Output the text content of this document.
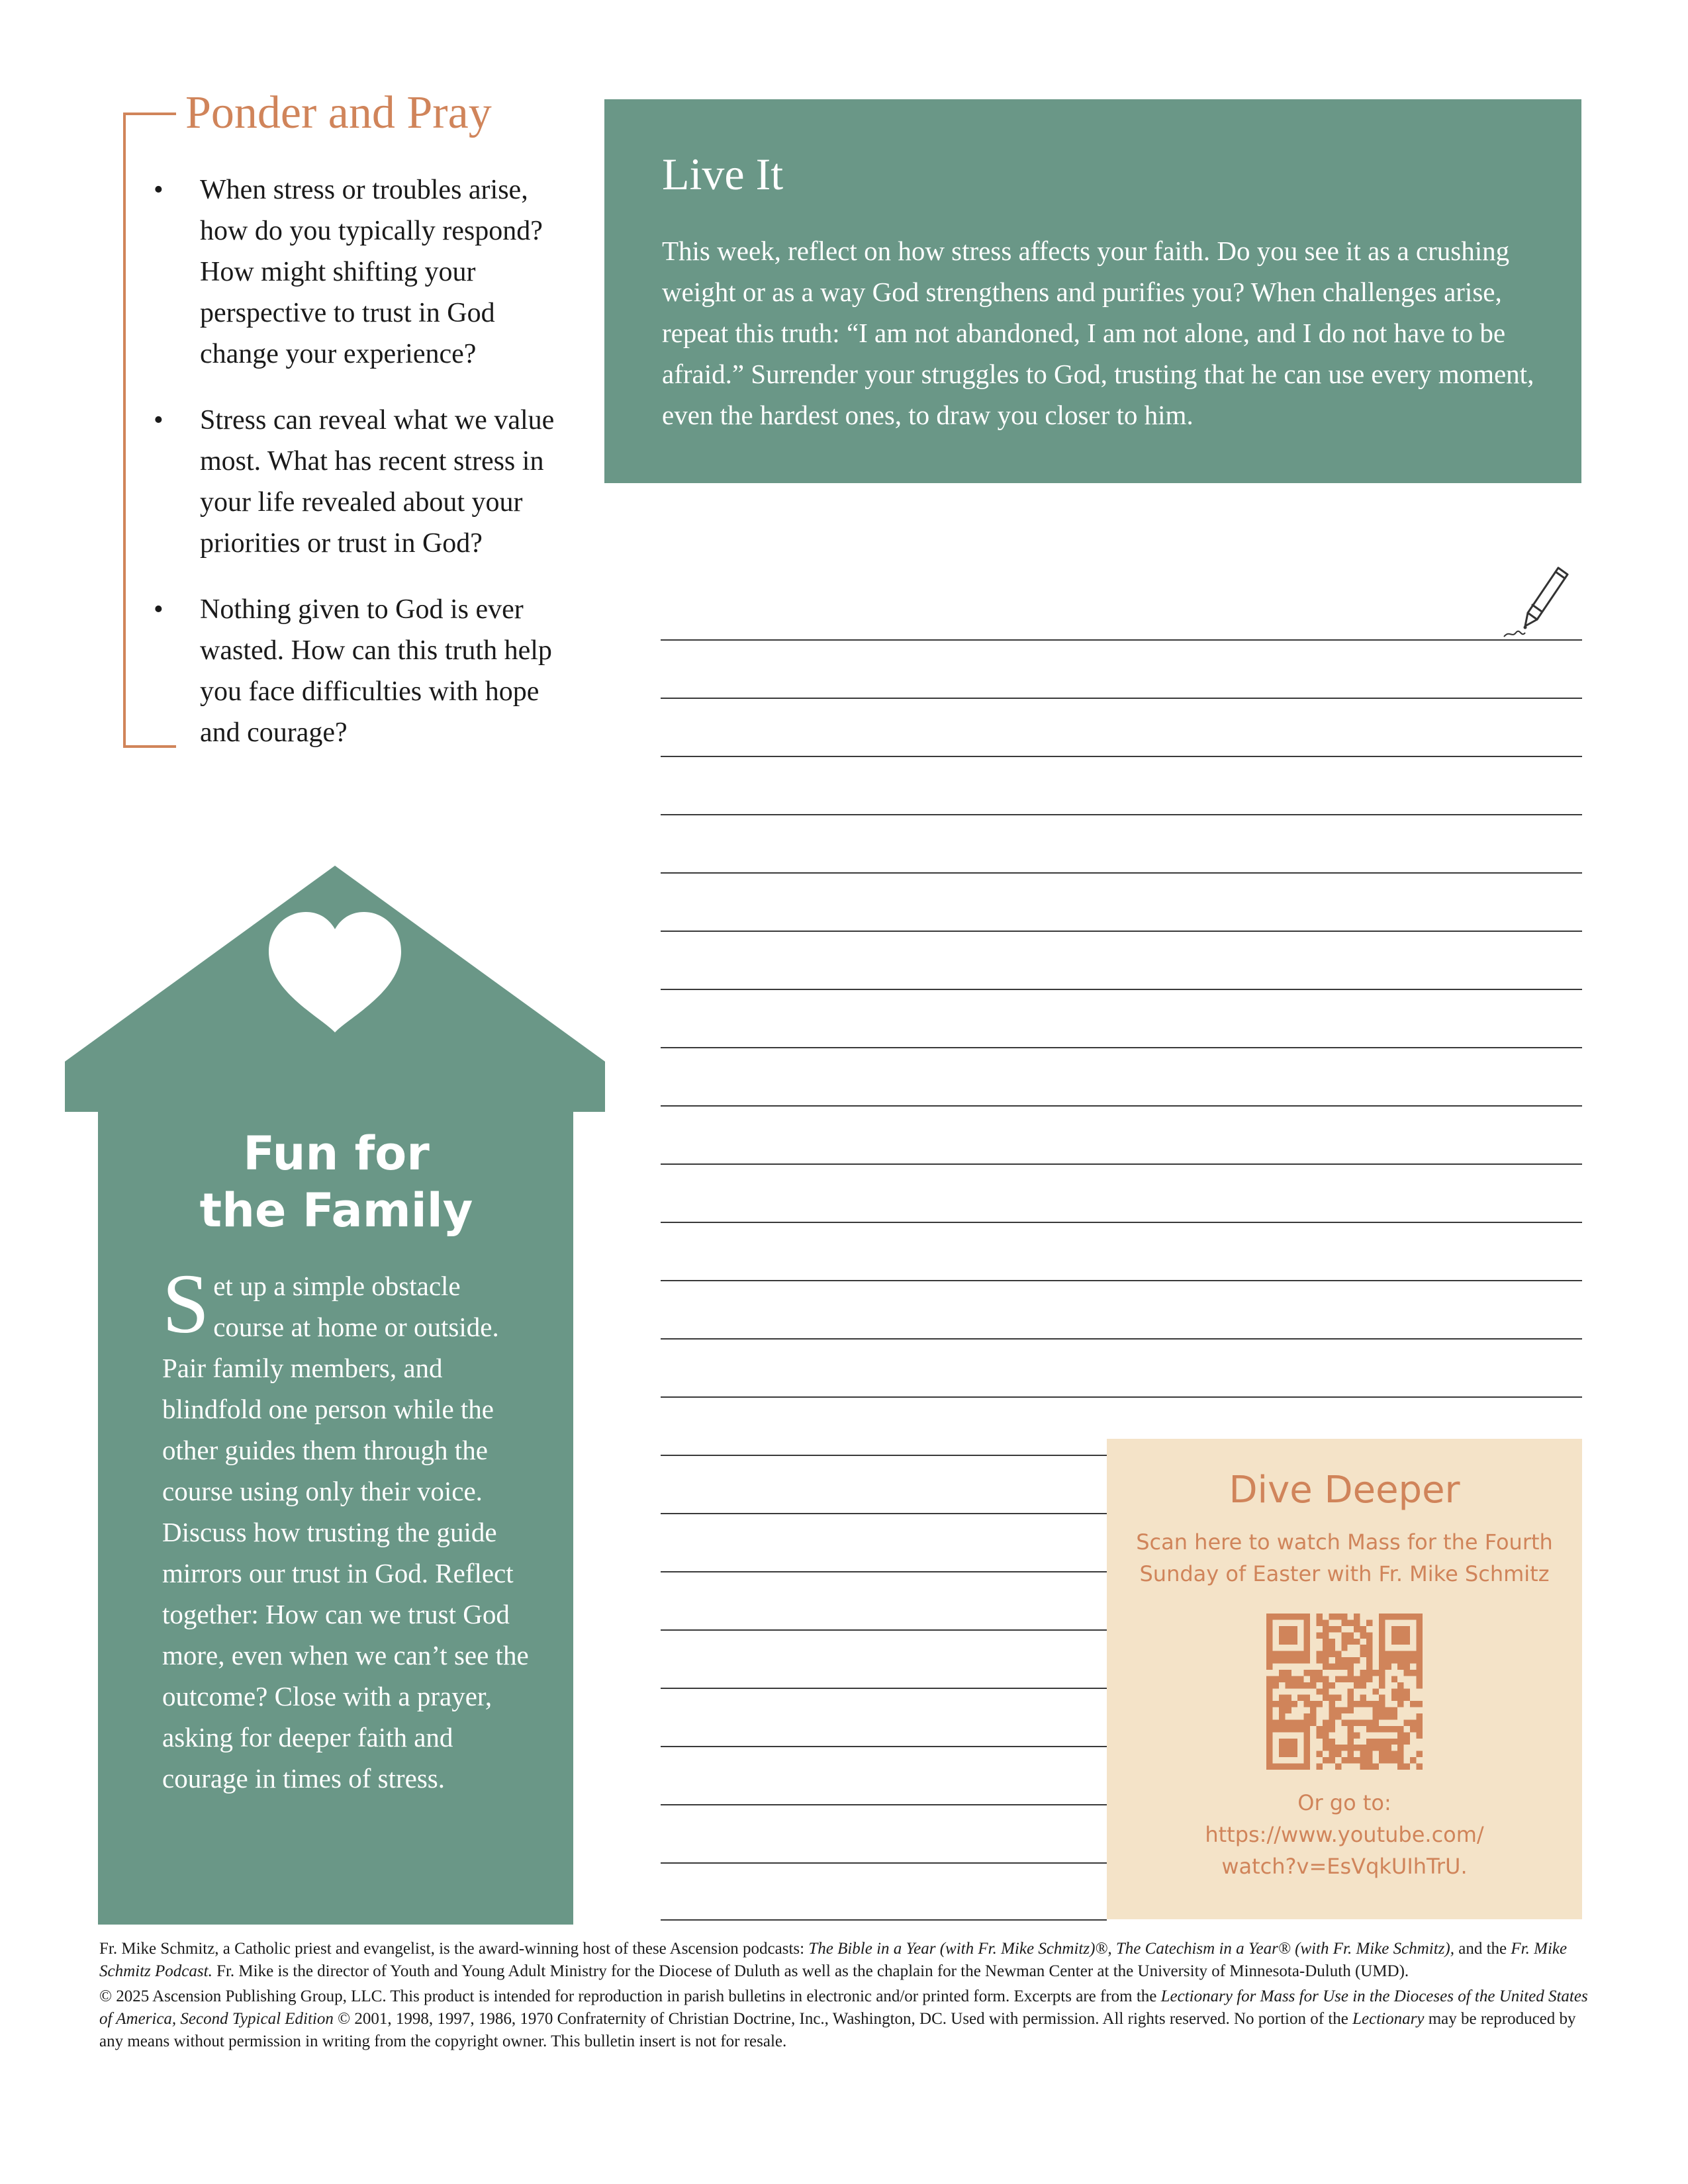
Ponder and Pray
•	When stress or troubles arise, how do you typically respond? How might shifting your perspective to trust in God change your experience?
•	Stress can reveal what we value most. What has recent stress in your life revealed about your priorities or trust in God?
•	Nothing given to God is ever wasted. How can this truth help you face difficulties with hope and courage?
Live It
This week, reflect on how stress affects your faith. Do you see it as a crushing weight or as a way God strengthens and purifies you? When challenges arise, repeat this truth: “I am not abandoned, I am not alone, and I do not have to be afraid.” Surrender your struggles to God, trusting that he can use every moment, even the hardest ones, to draw you closer to him.
Fun for
the Family
Set up a simple obstacle course at home or outside. Pair family members, and blindfold one person while the other guides them through the course using only their voice. Discuss how trusting the guide mirrors our trust in God. Reflect together: How can we trust God more, even when we can’t see the outcome? Close with a prayer, asking for deeper faith and courage in times of stress.
Dive Deeper
Scan here to watch Mass for the Fourth Sunday of Easter with Fr. Mike Schmitz
Or go to:
https://www.youtube.com/
watch?v=EsVqkUIhTrU.

Fr. Mike Schmitz, a Catholic priest and evangelist, is the award-winning host of these Ascension podcasts: The Bible in a Year (with Fr. Mike Schmitz)®, The Catechism in a Year® (with Fr. Mike Schmitz), and the Fr. Mike Schmitz Podcast. Fr. Mike is the director of Youth and Young Adult Ministry for the Diocese of Duluth as well as the chaplain for the Newman Center at the University of Minnesota-Duluth (UMD).

© 2025 Ascension Publishing Group, LLC. This product is intended for reproduction in parish bulletins in electronic and/or printed form. Excerpts are from the Lectionary for Mass for Use in the Dioceses of the United States of America, Second Typical Edition © 2001, 1998, 1997, 1986, 1970 Confraternity of Christian Doctrine, Inc., Washington, DC. Used with permission. All rights reserved. No portion of the Lectionary may be reproduced by any means without permission in writing from the copyright owner. This bulletin insert is not for resale.
